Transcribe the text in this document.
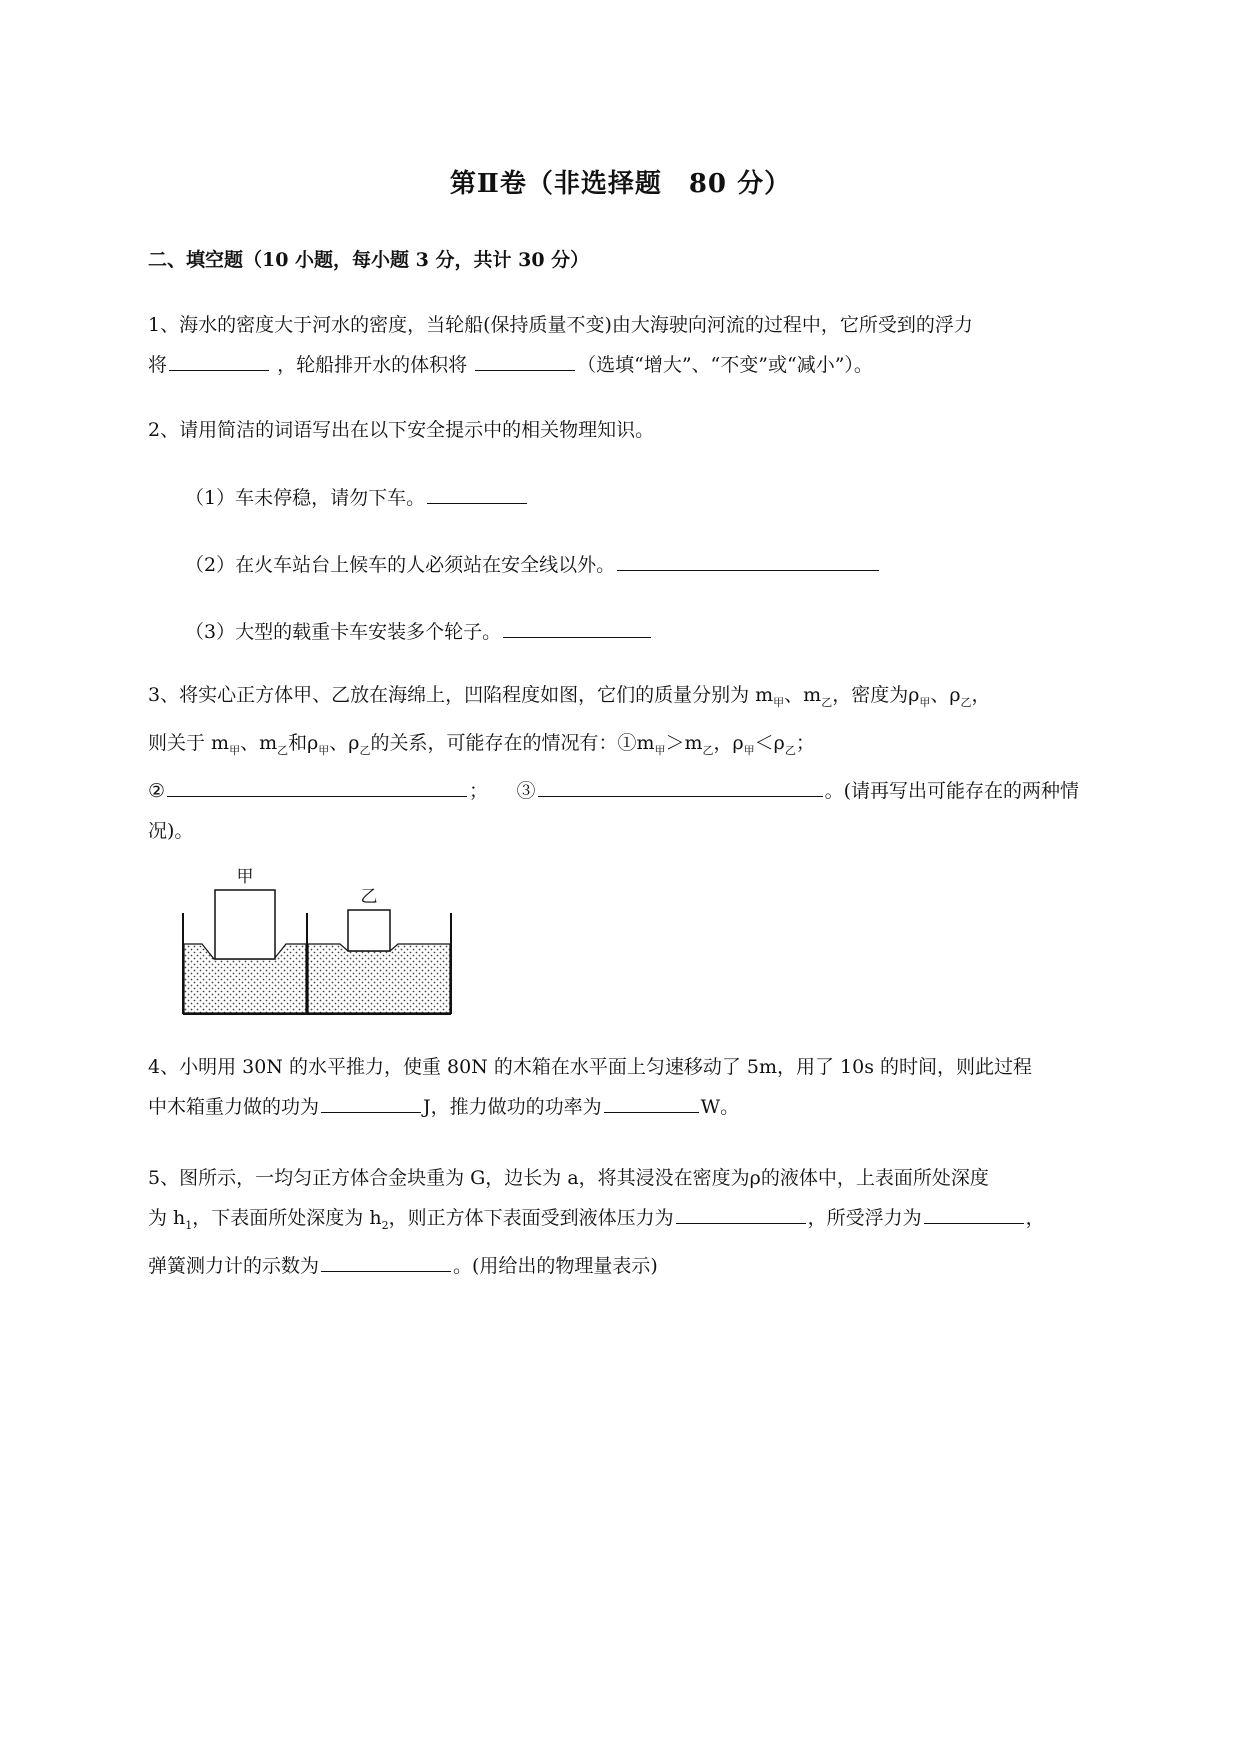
第Ⅱ卷（非选择题　80 分）
二、填空题（10 小题，每小题 3 分，共计 30 分）
1、海水的密度大于河水的密度，当轮船(保持质量不变)由大海驶向河流的过程中，它所受到的浮力
将	，轮船排开水的体积将	（选填“增大”、“不变”或“减小”）。
2、请用简洁的词语写出在以下安全提示中的相关物理知识。
（1）车未停稳，请勿下车。
（2）在火车站台上候车的人必须站在安全线以外。
（3）大型的载重卡车安装多个轮子。
3、将实心正方体甲、乙放在海绵上，凹陷程度如图，它们的质量分别为 $m_甲$、$m_乙$，密度为$\rho_甲$、$\rho_乙$，
则关于 $m_甲$、$m_乙$和$\rho_甲$、$\rho_乙$的关系，可能存在的情况有：$①m_甲>m_乙$，$\rho_甲<\rho_乙$；
②	；　　③	。(请再写出可能存在的两种情
况)。
甲
乙
4、小明用 30N 的水平推力，使重 80N 的木箱在水平面上匀速移动了 5m，用了 10s 的时间，则此过程
中木箱重力做的功为	J，推力做功的功率为	W。
5、图所示，一均匀正方体合金块重为 G，边长为 a，将其浸没在密度为ρ的液体中，上表面所处深度
为 $h_1$，下表面所处深度为 $h_2$，则正方体下表面受到液体压力为	，所受浮力为	，
弹簧测力计的示数为	。(用给出的物理量表示)
